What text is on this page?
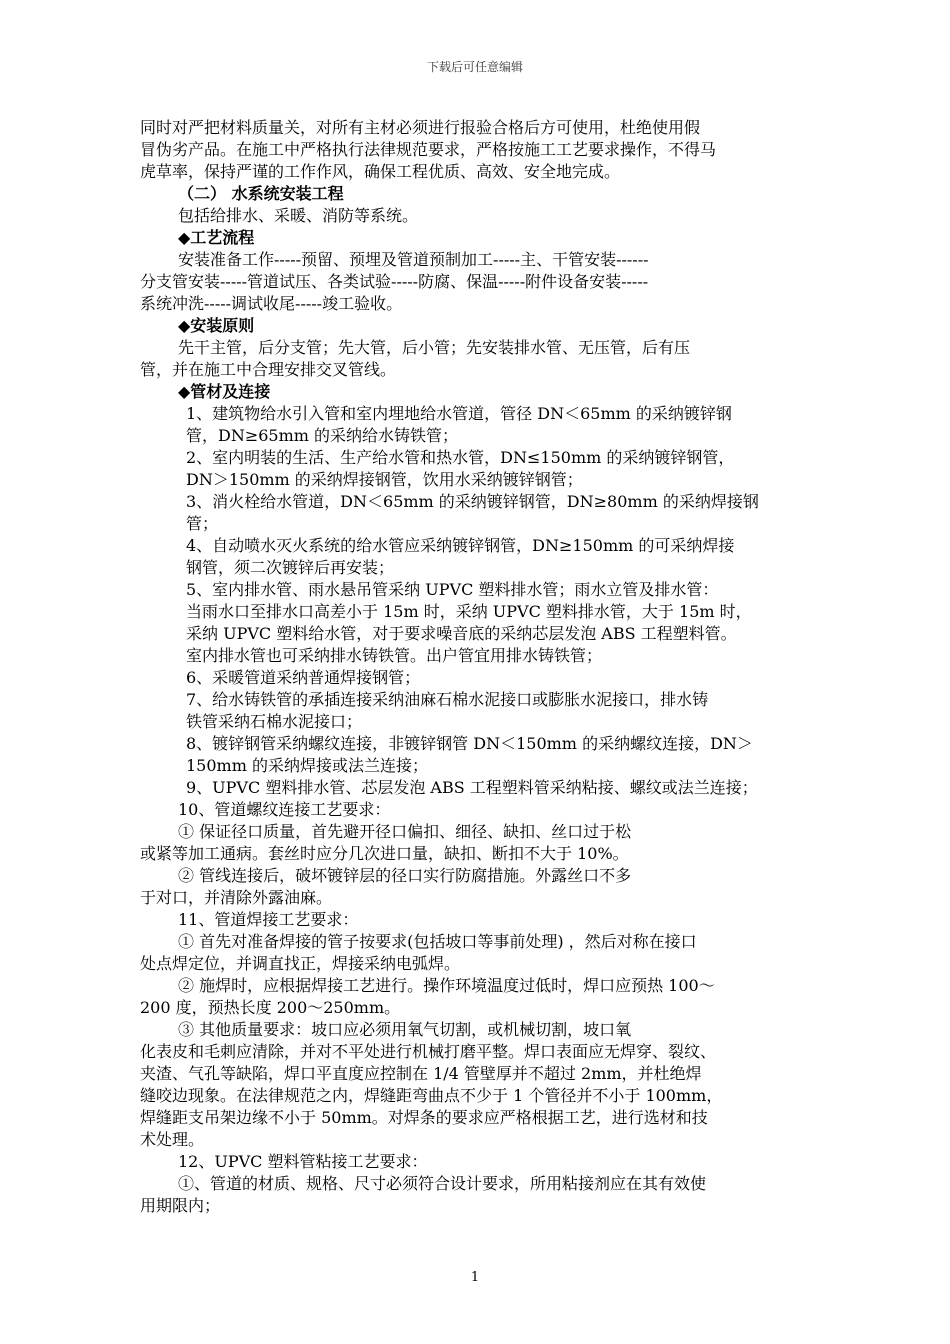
下载后可任意编辑
同时对严把材料质量关，对所有主材必须进行报验合格后方可使用，杜绝使用假
冒伪劣产品。在施工中严格执行法律规范要求，严格按施工工艺要求操作，不得马
虎草率，保持严谨的工作作风，确保工程优质、高效、安全地完成。
（二） 水系统安装工程
包括给排水、采暖、消防等系统。
◆工艺流程
安装准备工作-----预留、预埋及管道预制加工-----主、干管安装------
分支管安装-----管道试压、各类试验-----防腐、保温-----附件设备安装-----
系统冲洗-----调试收尾-----竣工验收。
◆安装原则
先干主管，后分支管；先大管，后小管；先安装排水管、无压管，后有压
管，并在施工中合理安排交叉管线。
◆管材及连接
1、建筑物给水引入管和室内埋地给水管道，管径 DN＜65mm 的采纳镀锌钢
管，DN≥65mm 的采纳给水铸铁管；
2、室内明装的生活、生产给水管和热水管，DN≤150mm 的采纳镀锌钢管，
DN＞150mm 的采纳焊接钢管，饮用水采纳镀锌钢管；
3、消火栓给水管道，DN＜65mm 的采纳镀锌钢管，DN≥80mm 的采纳焊接钢
管；
4、自动喷水灭火系统的给水管应采纳镀锌钢管，DN≥150mm 的可采纳焊接
钢管，须二次镀锌后再安装；
5、室内排水管、雨水悬吊管采纳 UPVC 塑料排水管；雨水立管及排水管：
当雨水口至排水口高差小于 15m 时，采纳 UPVC 塑料排水管，大于 15m 时，
采纳 UPVC 塑料给水管，对于要求噪音底的采纳芯层发泡 ABS 工程塑料管。
室内排水管也可采纳排水铸铁管。出户管宜用排水铸铁管；
6、采暖管道采纳普通焊接钢管；
7、给水铸铁管的承插连接采纳油麻石棉水泥接口或膨胀水泥接口，排水铸
铁管采纳石棉水泥接口；
8、镀锌钢管采纳螺纹连接，非镀锌钢管 DN＜150mm 的采纳螺纹连接，DN＞
150mm 的采纳焊接或法兰连接；
9、UPVC 塑料排水管、芯层发泡 ABS 工程塑料管采纳粘接、螺纹或法兰连接；
10、管道螺纹连接工艺要求：
① 保证径口质量，首先避开径口偏扣、细径、缺扣、丝口过于松
或紧等加工通病。套丝时应分几次进口量，缺扣、断扣不大于 10%。
② 管线连接后，破坏镀锌层的径口实行防腐措施。外露丝口不多
于对口，并清除外露油麻。
11、管道焊接工艺要求：
① 首先对准备焊接的管子按要求(包括坡口等事前处理) ，然后对称在接口
处点焊定位，并调直找正，焊接采纳电弧焊。
② 施焊时，应根据焊接工艺进行。操作环境温度过低时，焊口应预热 100～
200 度，预热长度 200～250mm。
③ 其他质量要求：坡口应必须用氧气切割，或机械切割，坡口氧
化表皮和毛刺应清除，并对不平处进行机械打磨平整。焊口表面应无焊穿、裂纹、
夹渣、气孔等缺陷，焊口平直度应控制在 1/4 管壁厚并不超过 2mm，并杜绝焊
缝咬边现象。在法律规范之内，焊缝距弯曲点不少于 1 个管径并不小于 100mm，
焊缝距支吊架边缘不小于 50mm。对焊条的要求应严格根据工艺，进行选材和技
术处理。
12、UPVC 塑料管粘接工艺要求：
①、管道的材质、规格、尺寸必须符合设计要求，所用粘接剂应在其有效使
用期限内；
1
